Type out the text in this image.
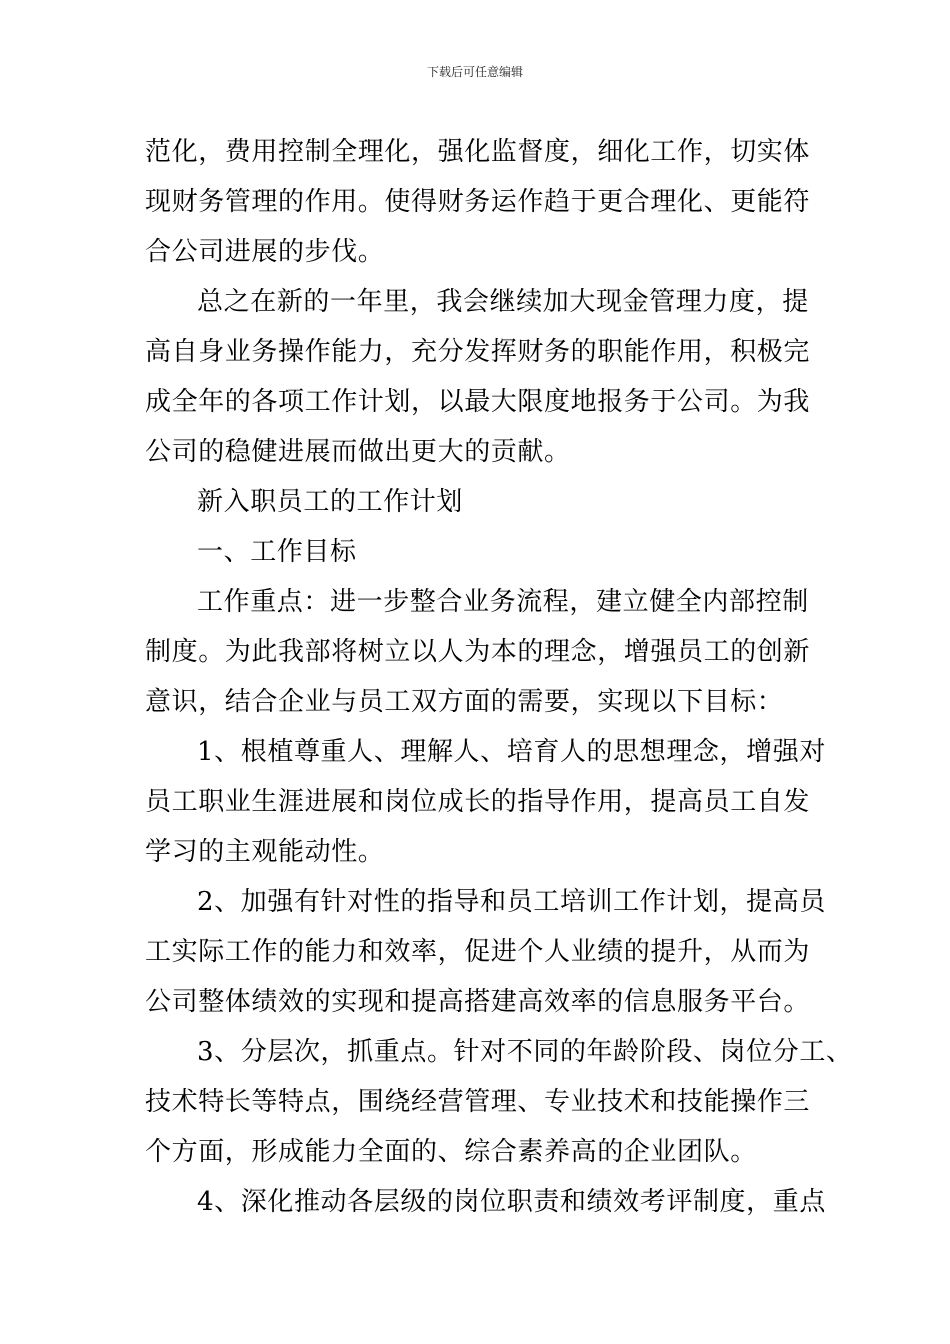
下载后可任意编辑
范化，费用控制全理化，强化监督度，细化工作，切实体
现财务管理的作用。使得财务运作趋于更合理化、更能符
合公司进展的步伐。
总之在新的一年里，我会继续加大现金管理力度，提
高自身业务操作能力，充分发挥财务的职能作用，积极完
成全年的各项工作计划，以最大限度地报务于公司。为我
公司的稳健进展而做出更大的贡献。
新入职员工的工作计划
一、工作目标
工作重点：进一步整合业务流程，建立健全内部控制
制度。为此我部将树立以人为本的理念，增强员工的创新
意识，结合企业与员工双方面的需要，实现以下目标：
1、根植尊重人、理解人、培育人的思想理念，增强对
员工职业生涯进展和岗位成长的指导作用，提高员工自发
学习的主观能动性。
2、加强有针对性的指导和员工培训工作计划，提高员
工实际工作的能力和效率，促进个人业绩的提升，从而为
公司整体绩效的实现和提高搭建高效率的信息服务平台。
3、分层次，抓重点。针对不同的年龄阶段、岗位分工、
技术特长等特点，围绕经营管理、专业技术和技能操作三
个方面，形成能力全面的、综合素养高的企业团队。
4、深化推动各层级的岗位职责和绩效考评制度，重点
